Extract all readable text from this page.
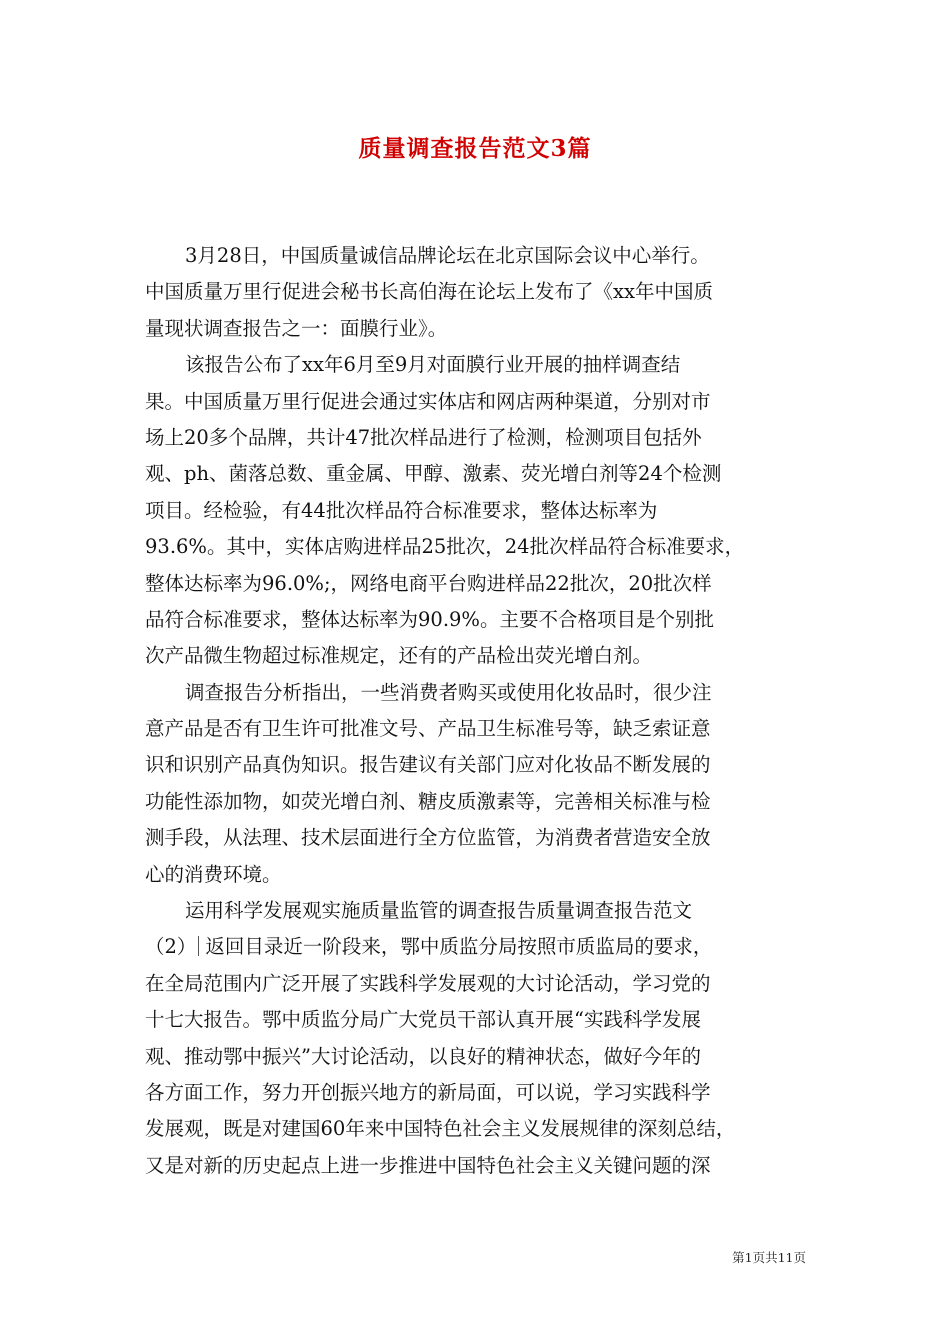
质量调查报告范文3篇
3月28日，中国质量诚信品牌论坛在北京国际会议中心举行。
中国质量万里行促进会秘书长高伯海在论坛上发布了《xx年中国质
量现状调查报告之一：面膜行业》。
该报告公布了xx年6月至9月对面膜行业开展的抽样调查结
果。中国质量万里行促进会通过实体店和网店两种渠道，分别对市
场上20多个品牌，共计47批次样品进行了检测，检测项目包括外
观、ph、菌落总数、重金属、甲醇、激素、荧光增白剂等24个检测
项目。经检验，有44批次样品符合标准要求，整体达标率为
93.6%。其中，实体店购进样品25批次，24批次样品符合标准要求，
整体达标率为96.0%;，网络电商平台购进样品22批次，20批次样
品符合标准要求，整体达标率为90.9%。主要不合格项目是个别批
次产品微生物超过标准规定，还有的产品检出荧光增白剂。
调查报告分析指出，一些消费者购买或使用化妆品时，很少注
意产品是否有卫生许可批准文号、产品卫生标准号等，缺乏索证意
识和识别产品真伪知识。报告建议有关部门应对化妆品不断发展的
功能性添加物，如荧光增白剂、糖皮质激素等，完善相关标准与检
测手段，从法理、技术层面进行全方位监管，为消费者营造安全放
心的消费环境。
运用科学发展观实施质量监管的调查报告质量调查报告范文
（2） 返回目录近一阶段来，鄂中质监分局按照市质监局的要求，
在全局范围内广泛开展了实践科学发展观的大讨论活动，学习党的
十七大报告。鄂中质监分局广大党员干部认真开展“实践科学发展
观、推动鄂中振兴”大讨论活动，以良好的精神状态，做好今年的
各方面工作，努力开创振兴地方的新局面，可以说，学习实践科学
发展观，既是对建国60年来中国特色社会主义发展规律的深刻总结，
又是对新的历史起点上进一步推进中国特色社会主义关键问题的深
第1页共11页
